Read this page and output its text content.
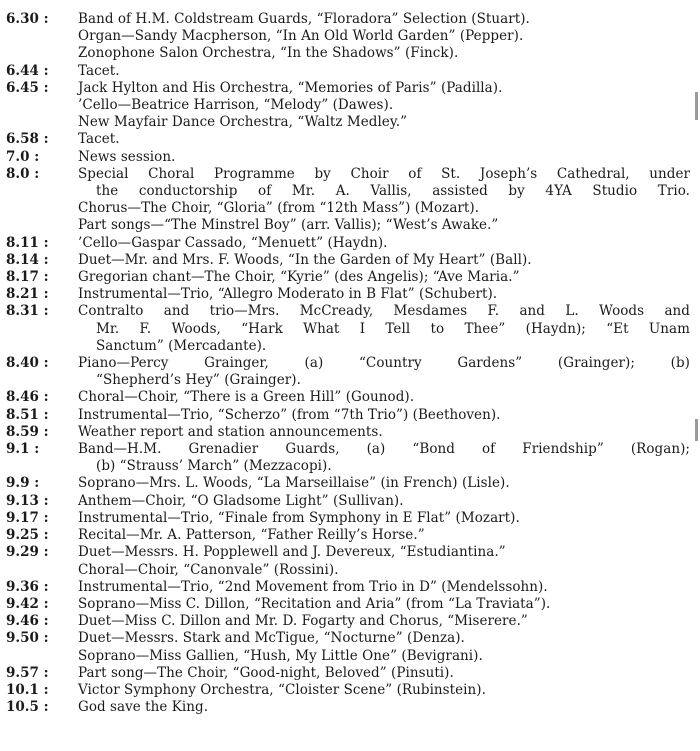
6.30 :	Band of H.M. Coldstream Guards, “Floradora” Selection (Stuart).
Organ—Sandy Macpherson, “In An Old World Garden” (Pepper).
Zonophone Salon Orchestra, “In the Shadows” (Finck).
6.44 :	Tacet.
6.45 :	Jack Hylton and His Orchestra, “Memories of Paris” (Padilla).
’Cello—Beatrice Harrison, “Melody” (Dawes).
New Mayfair Dance Orchestra, “Waltz Medley.”
6.58 :	Tacet.
7.0 :	News session.
8.0 :	Special Choral Programme by Choir of St. Joseph’s Cathedral, under
the conductorship of Mr. A. Vallis, assisted by 4YA Studio Trio.
Chorus—The Choir, “Gloria” (from “12th Mass”) (Mozart).
Part songs—“The Minstrel Boy” (arr. Vallis); “West’s Awake.”
8.11 :	’Cello—Gaspar Cassado, “Menuett” (Haydn).
8.14 :	Duet—Mr. and Mrs. F. Woods, “In the Garden of My Heart” (Ball).
8.17 :	Gregorian chant—The Choir, “Kyrie” (des Angelis); “Ave Maria.”
8.21 :	Instrumental—Trio, “Allegro Moderato in B Flat” (Schubert).
8.31 :	Contralto and trio—Mrs. McCready, Mesdames F. and L. Woods and
Mr. F. Woods, “Hark What I Tell to Thee” (Haydn); “Et Unam
Sanctum” (Mercadante).
8.40 :	Piano—Percy Grainger, (a) “Country Gardens” (Grainger); (b)
“Shepherd’s Hey” (Grainger).
8.46 :	Choral—Choir, “There is a Green Hill” (Gounod).
8.51 :	Instrumental—Trio, “Scherzo” (from “7th Trio”) (Beethoven).
8.59 :	Weather report and station announcements.
9.1 :	Band—H.M. Grenadier Guards, (a) “Bond of Friendship” (Rogan);
(b) “Strauss’ March” (Mezzacopi).
9.9 :	Soprano—Mrs. L. Woods, “La Marseillaise” (in French) (Lisle).
9.13 :	Anthem—Choir, “O Gladsome Light” (Sullivan).
9.17 :	Instrumental—Trio, “Finale from Symphony in E Flat” (Mozart).
9.25 :	Recital—Mr. A. Patterson, “Father Reilly’s Horse.”
9.29 :	Duet—Messrs. H. Popplewell and J. Devereux, “Estudiantina.”
Choral—Choir, “Canonvale” (Rossini).
9.36 :	Instrumental—Trio, “2nd Movement from Trio in D” (Mendelssohn).
9.42 :	Soprano—Miss C. Dillon, “Recitation and Aria” (from “La Traviata”).
9.46 :	Duet—Miss C. Dillon and Mr. D. Fogarty and Chorus, “Miserere.”
9.50 :	Duet—Messrs. Stark and McTigue, “Nocturne” (Denza).
Soprano—Miss Gallien, “Hush, My Little One” (Bevigrani).
9.57 :	Part song—The Choir, “Good-night, Beloved” (Pinsuti).
10.1 :	Victor Symphony Orchestra, “Cloister Scene” (Rubinstein).
10.5 :	God save the King.
